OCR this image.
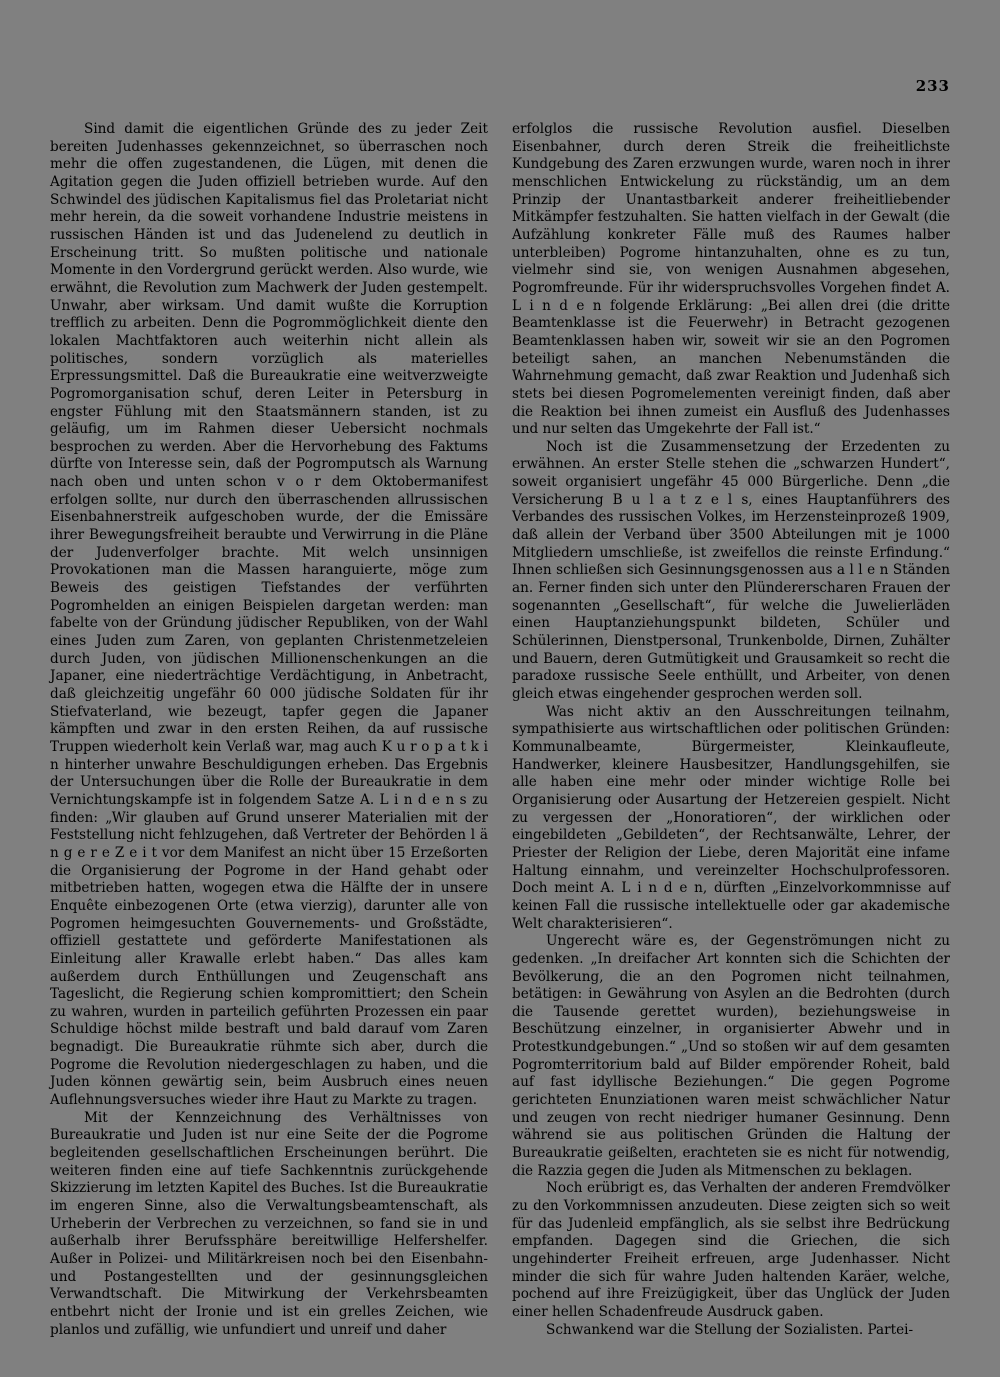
233

Sind damit die eigentlichen Gründe des zu jeder Zeit bereiten Judenhasses gekennzeichnet, so überraschen noch mehr die offen zugestandenen, die Lügen, mit denen die Agitation gegen die Juden offiziell betrieben wurde. Auf den Schwindel des jüdischen Kapitalismus fiel das Proletariat nicht mehr herein, da die soweit vorhandene Industrie meistens in russischen Händen ist und das Judenelend zu deutlich in Erscheinung tritt. So mußten politische und nationale Momente in den Vordergrund gerückt werden. Also wurde, wie erwähnt, die Revolution zum Machwerk der Juden gestempelt. Unwahr, aber wirksam. Und damit wußte die Korruption trefflich zu arbeiten. Denn die Pogrommöglichkeit diente den lokalen Machtfaktoren auch weiterhin nicht allein als politisches, sondern vorzüglich als materielles Erpressungsmittel. Daß die Bureaukratie eine weitverzweigte Pogromorganisation schuf, deren Leiter in Petersburg in engster Fühlung mit den Staatsmännern standen, ist zu geläufig, um im Rahmen dieser Uebersicht nochmals besprochen zu werden. Aber die Hervorhebung des Faktums dürfte von Interesse sein, daß der Pogromputsch als Warnung nach oben und unten schon v o r dem Oktobermanifest erfolgen sollte, nur durch den überraschenden allrussischen Eisenbahnerstreik aufgeschoben wurde, der die Emissäre ihrer Bewegungsfreiheit beraubte und Verwirrung in die Pläne der Judenverfolger brachte. Mit welch unsinnigen Provokationen man die Massen haranguierte, möge zum Beweis des geistigen Tiefstandes der verführten Pogromhelden an einigen Beispielen dargetan werden: man fabelte von der Gründung jüdischer Republiken, von der Wahl eines Juden zum Zaren, von geplanten Christenmetzeleien durch Juden, von jüdischen Millionenschenkungen an die Japaner, eine niederträchtige Verdächtigung, in Anbetracht, daß gleichzeitig ungefähr 60 000 jüdische Soldaten für ihr Stiefvaterland, wie bezeugt, tapfer gegen die Japaner kämpften und zwar in den ersten Reihen, da auf russische Truppen wiederholt kein Verlaß war, mag auch K u r o p a t k i n hinterher unwahre Beschuldigungen erheben. Das Ergebnis der Untersuchungen über die Rolle der Bureaukratie in dem Vernichtungskampfe ist in folgendem Satze A. L i n d e n s zu finden: „Wir glauben auf Grund unserer Materialien mit der Feststellung nicht fehlzugehen, daß Vertreter der Behörden l ä n g e r e Z e i t vor dem Manifest an nicht über 15 Erzeßorten die Organisierung der Pogrome in der Hand gehabt oder mitbetrieben hatten, wogegen etwa die Hälfte der in unsere Enquête einbezogenen Orte (etwa vierzig), darunter alle von Pogromen heimgesuchten Gouvernements- und Großstädte, offiziell gestattete und geförderte Manifestationen als Einleitung aller Krawalle erlebt haben.“ Das alles kam außerdem durch Enthüllungen und Zeugenschaft ans Tageslicht, die Regierung schien kompromittiert; den Schein zu wahren, wurden in parteilich geführten Prozessen ein paar Schuldige höchst milde bestraft und bald darauf vom Zaren begnadigt. Die Bureaukratie rühmte sich aber, durch die Pogrome die Revolution niedergeschlagen zu haben, und die Juden können gewärtig sein, beim Ausbruch eines neuen Auflehnungsversuches wieder ihre Haut zu Markte zu tragen.

Mit der Kennzeichnung des Verhältnisses von Bureaukratie und Juden ist nur eine Seite der die Pogrome begleitenden gesellschaftlichen Erscheinungen berührt. Die weiteren finden eine auf tiefe Sachkenntnis zurückgehende Skizzierung im letzten Kapitel des Buches. Ist die Bureaukratie im engeren Sinne, also die Verwaltungsbeamtenschaft, als Urheberin der Verbrechen zu verzeichnen, so fand sie in und außerhalb ihrer Berufssphäre bereitwillige Helfershelfer. Außer in Polizei- und Militärkreisen noch bei den Eisenbahn- und Postangestellten und der gesinnungsgleichen Verwandtschaft. Die Mitwirkung der Verkehrsbeamten entbehrt nicht der Ironie und ist ein grelles Zeichen, wie planlos und zufällig, wie unfundiert und unreif und daher

erfolglos die russische Revolution ausfiel. Dieselben Eisenbahner, durch deren Streik die freiheitlichste Kundgebung des Zaren erzwungen wurde, waren noch in ihrer menschlichen Entwickelung zu rückständig, um an dem Prinzip der Unantastbarkeit anderer freiheitliebender Mitkämpfer festzuhalten. Sie hatten vielfach in der Gewalt (die Aufzählung konkreter Fälle muß des Raumes halber unterbleiben) Pogrome hintanzuhalten, ohne es zu tun, vielmehr sind sie, von wenigen Ausnahmen abgesehen, Pogromfreunde. Für ihr widerspruchsvolles Vorgehen findet A. L i n d e n folgende Erklärung: „Bei allen drei (die dritte Beamtenklasse ist die Feuerwehr) in Betracht gezogenen Beamtenklassen haben wir, soweit wir sie an den Pogromen beteiligt sahen, an manchen Nebenumständen die Wahrnehmung gemacht, daß zwar Reaktion und Judenhaß sich stets bei diesen Pogromelementen vereinigt finden, daß aber die Reaktion bei ihnen zumeist ein Ausfluß des Judenhasses und nur selten das Umgekehrte der Fall ist.“

Noch ist die Zusammensetzung der Erzedenten zu erwähnen. An erster Stelle stehen die „schwarzen Hundert“, soweit organisiert ungefähr 45 000 Bürgerliche. Denn „die Versicherung B u l a t z e l s, eines Hauptanführers des Verbandes des russischen Volkes, im Herzensteinprozeß 1909, daß allein der Verband über 3500 Abteilungen mit je 1000 Mitgliedern umschließe, ist zweifellos die reinste Erfindung.“ Ihnen schließen sich Gesinnungsgenossen aus a l l e n Ständen an. Ferner finden sich unter den Plündererscharen Frauen der sogenannten „Gesellschaft“, für welche die Juwelierläden einen Hauptanziehungspunkt bildeten, Schüler und Schülerinnen, Dienstpersonal, Trunkenbolde, Dirnen, Zuhälter und Bauern, deren Gutmütigkeit und Grausamkeit so recht die paradoxe russische Seele enthüllt, und Arbeiter, von denen gleich etwas eingehender gesprochen werden soll.

Was nicht aktiv an den Ausschreitungen teilnahm, sympathisierte aus wirtschaftlichen oder politischen Gründen: Kommunalbeamte, Bürgermeister, Kleinkaufleute, Handwerker, kleinere Hausbesitzer, Handlungsgehilfen, sie alle haben eine mehr oder minder wichtige Rolle bei Organisierung oder Ausartung der Hetzereien gespielt. Nicht zu vergessen der „Honoratioren“, der wirklichen oder eingebildeten „Gebildeten“, der Rechtsanwälte, Lehrer, der Priester der Religion der Liebe, deren Majorität eine infame Haltung einnahm, und vereinzelter Hochschulprofessoren. Doch meint A. L i n d e n, dürften „Einzelvorkommnisse auf keinen Fall die russische intellektuelle oder gar akademische Welt charakterisieren“.

Ungerecht wäre es, der Gegenströmungen nicht zu gedenken. „In dreifacher Art konnten sich die Schichten der Bevölkerung, die an den Pogromen nicht teilnahmen, betätigen: in Gewährung von Asylen an die Bedrohten (durch die Tausende gerettet wurden), beziehungsweise in Beschützung einzelner, in organisierter Abwehr und in Protestkundgebungen.“ „Und so stoßen wir auf dem gesamten Pogromterritorium bald auf Bilder empörender Roheit, bald auf fast idyllische Beziehungen.“ Die gegen Pogrome gerichteten Enunziationen waren meist schwächlicher Natur und zeugen von recht niedriger humaner Gesinnung. Denn während sie aus politischen Gründen die Haltung der Bureaukratie geißelten, erachteten sie es nicht für notwendig, die Razzia gegen die Juden als Mitmenschen zu beklagen.

Noch erübrigt es, das Verhalten der anderen Fremdvölker zu den Vorkommnissen anzudeuten. Diese zeigten sich so weit für das Judenleid empfänglich, als sie selbst ihre Bedrückung empfanden. Dagegen sind die Griechen, die sich ungehinderter Freiheit erfreuen, arge Judenhasser. Nicht minder die sich für wahre Juden haltenden Karäer, welche, pochend auf ihre Freizügigkeit, über das Unglück der Juden einer hellen Schadenfreude Ausdruck gaben.

Schwankend war die Stellung der Sozialisten. Partei-
